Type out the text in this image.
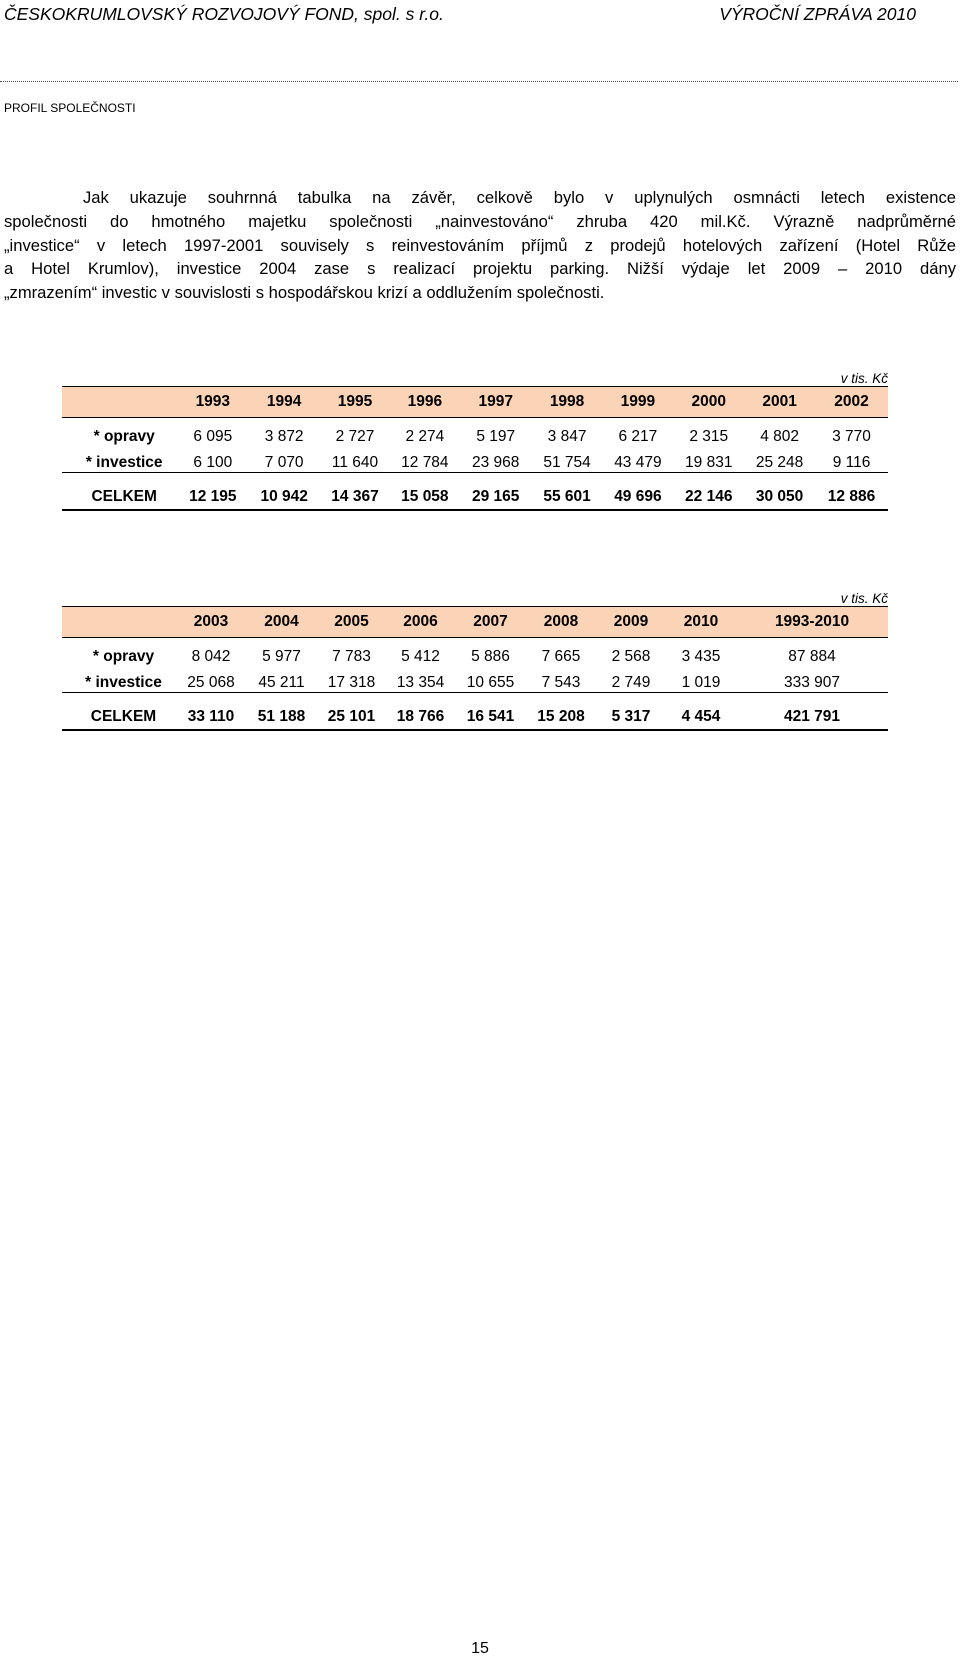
ČESKOKRUMLOVSKÝ ROZVOJOVÝ FOND, spol. s r.o.	VÝROČNÍ ZPRÁVA 2010
PROFIL SPOLEČNOSTI
Jak ukazuje souhrnná tabulka na závěr, celkově bylo v uplynulých osmnácti letech existence
společnosti do hmotného majetku společnosti „nainvestováno“ zhruba 420 mil.Kč. Výrazně nadprůměrné
„investice“ v letech 1997-2001 souvisely s reinvestováním příjmů z prodejů hotelových zařízení (Hotel Růže
a Hotel Krumlov), investice 2004 zase s realizací projektu parking. Nižší výdaje let 2009 – 2010 dány
„zmrazením“ investic v souvislosti s hospodářskou krizí a oddlužením společnosti.
v tis. Kč										
	1993	1994	1995	1996	1997	1998	1999	2000	2001	2002
* opravy	6 095	3 872	2 727	2 274	5 197	3 847	6 217	2 315	4 802	3 770
* investice	6 100	7 070	11 640	12 784	23 968	51 754	43 479	19 831	25 248	9 116
CELKEM	12 195	10 942	14 367	15 058	29 165	55 601	49 696	22 146	30 050	12 886
v tis. Kč									
	2003	2004	2005	2006	2007	2008	2009	2010	1993-2010
* opravy	8 042	5 977	7 783	5 412	5 886	7 665	2 568	3 435	87 884
* investice	25 068	45 211	17 318	13 354	10 655	7 543	2 749	1 019	333 907
CELKEM	33 110	51 188	25 101	18 766	16 541	15 208	5 317	4 454	421 791
15
